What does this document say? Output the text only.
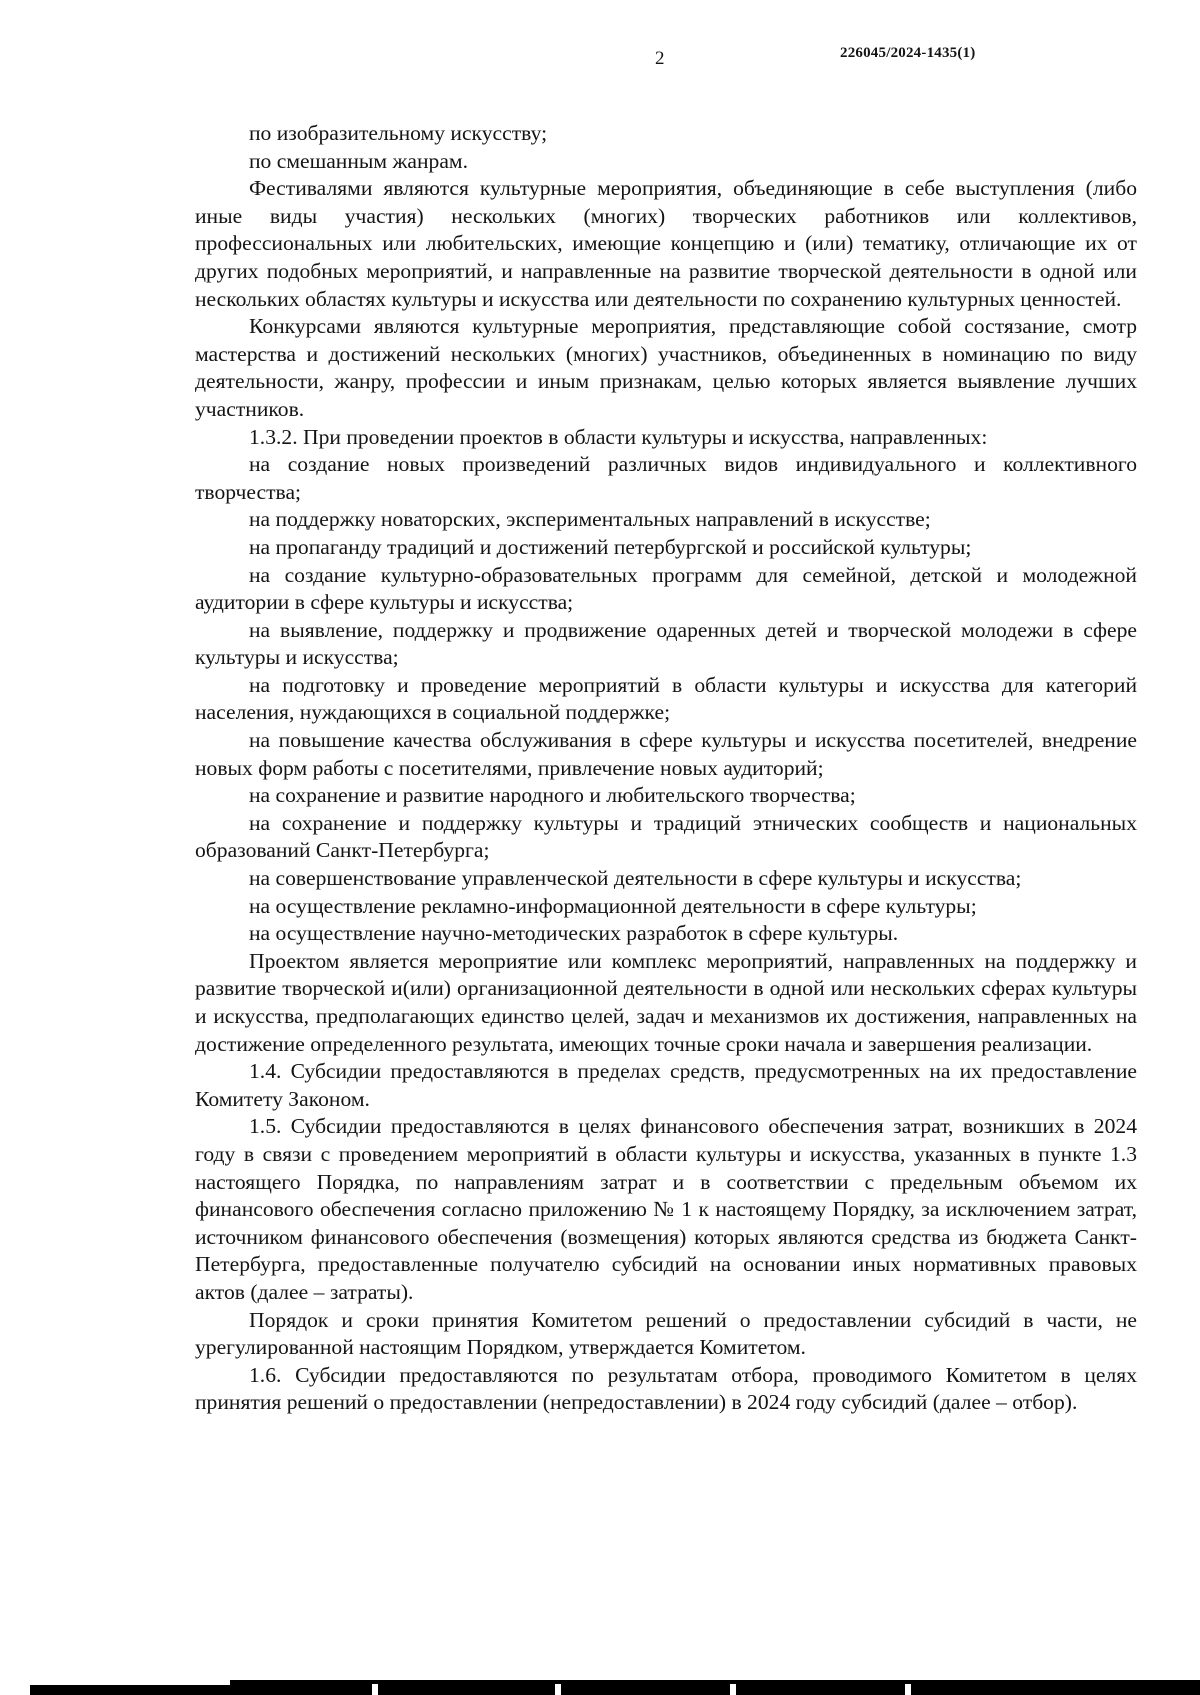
2	226045/2024-1435(1)

по изобразительному искусству;

по смешанным жанрам.

Фестивалями являются культурные мероприятия, объединяющие в себе выступления (либо иные виды участия) нескольких (многих) творческих работников или коллективов, профессиональных или любительских, имеющие концепцию и (или) тематику, отличающие их от других подобных мероприятий, и направленные на развитие творческой деятельности в одной или нескольких областях культуры и искусства или деятельности по сохранению культурных ценностей.

Конкурсами являются культурные мероприятия, представляющие собой состязание, смотр мастерства и достижений нескольких (многих) участников, объединенных в номинацию по виду деятельности, жанру, профессии и иным признакам, целью которых является выявление лучших участников.

1.3.2. При проведении проектов в области культуры и искусства, направленных:

на создание новых произведений различных видов индивидуального и коллективного творчества;

на поддержку новаторских, экспериментальных направлений в искусстве;

на пропаганду традиций и достижений петербургской и российской культуры;

на создание культурно-образовательных программ для семейной, детской и молодежной аудитории в сфере культуры и искусства;

на выявление, поддержку и продвижение одаренных детей и творческой молодежи в сфере культуры и искусства;

на подготовку и проведение мероприятий в области культуры и искусства для категорий населения, нуждающихся в социальной поддержке;

на повышение качества обслуживания в сфере культуры и искусства посетителей, внедрение новых форм работы с посетителями, привлечение новых аудиторий;

на сохранение и развитие народного и любительского творчества;

на сохранение и поддержку культуры и традиций этнических сообществ и национальных образований Санкт-Петербурга;

на совершенствование управленческой деятельности в сфере культуры и искусства;

на осуществление рекламно-информационной деятельности в сфере культуры;

на осуществление научно-методических разработок в сфере культуры.

Проектом является мероприятие или комплекс мероприятий, направленных на поддержку и развитие творческой и(или) организационной деятельности в одной или нескольких сферах культуры и искусства, предполагающих единство целей, задач и механизмов их достижения, направленных на достижение определенного результата, имеющих точные сроки начала и завершения реализации.

1.4. Субсидии предоставляются в пределах средств, предусмотренных на их предоставление Комитету Законом.

1.5. Субсидии предоставляются в целях финансового обеспечения затрат, возникших в 2024 году в связи с проведением мероприятий в области культуры и искусства, указанных в пункте 1.3 настоящего Порядка, по направлениям затрат и в соответствии с предельным объемом их финансового обеспечения согласно приложению № 1 к настоящему Порядку, за исключением затрат, источником финансового обеспечения (возмещения) которых являются средства из бюджета Санкт-Петербурга, предоставленные получателю субсидий на основании иных нормативных правовых актов (далее – затраты).

Порядок и сроки принятия Комитетом решений о предоставлении субсидий в части, не урегулированной настоящим Порядком, утверждается Комитетом.

1.6. Субсидии предоставляются по результатам отбора, проводимого Комитетом в целях принятия решений о предоставлении (непредоставлении) в 2024 году субсидий (далее – отбор).
